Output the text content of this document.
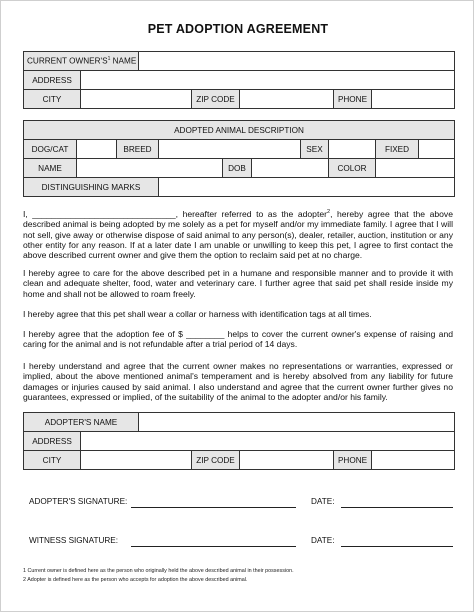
PET ADOPTION AGREEMENT
CURRENT $OWNER'S^1$ NAME						
ADDRESS						
CITY			ZIP CODE		PHONE	
ADOPTED ANIMAL DESCRIPTION									
DOG/CAT		BREED				SEX		FIXED	
NAME				DOB			COLOR		
DISTINGUISHING MARKS									
I, ______________________________, hereafter referred to as the adopter$^2$, hereby agree that the above described animal is being adopted by me solely as a pet for myself and/or my immediate family. I agree that I will not sell, give away or otherwise dispose of said animal to any person(s), dealer, retailer, auction, institution or any other entity for any reason. If at a later date I am unable or unwilling to keep this pet, I agree to first contact the above described current owner and give them the option to reclaim said pet at no charge.
I hereby agree to care for the above described pet in a humane and responsible manner and to provide it with clean and adequate shelter, food, water and veterinary care. I further agree that said pet shall reside inside my home and shall not be allowed to roam freely.
I hereby agree that this pet shall wear a collar or harness with identification tags at all times.
I hereby agree that the adoption fee of $ ________ helps to cover the current owner's expense of raising and caring for the animal and is not refundable after a trial period of 14 days.
I hereby understand and agree that the current owner makes no representations or warranties, expressed or implied, about the above mentioned animal's temperament and is hereby absolved from any liability for future damages or injuries caused by said animal. I also understand and agree that the current owner further gives no guarantees, expressed or implied, of the suitability of the animal to the adopter and/or his family.
ADOPTER'S NAME						
ADDRESS						
CITY			ZIP CODE		PHONE	
ADOPTER'S SIGNATURE:	DATE:
WITNESS SIGNATURE:	DATE:
1 Current owner is defined here as the person who originally held the above described animal in their possession.
2 Adopter is defined here as the person who accepts for adoption the above described animal.
